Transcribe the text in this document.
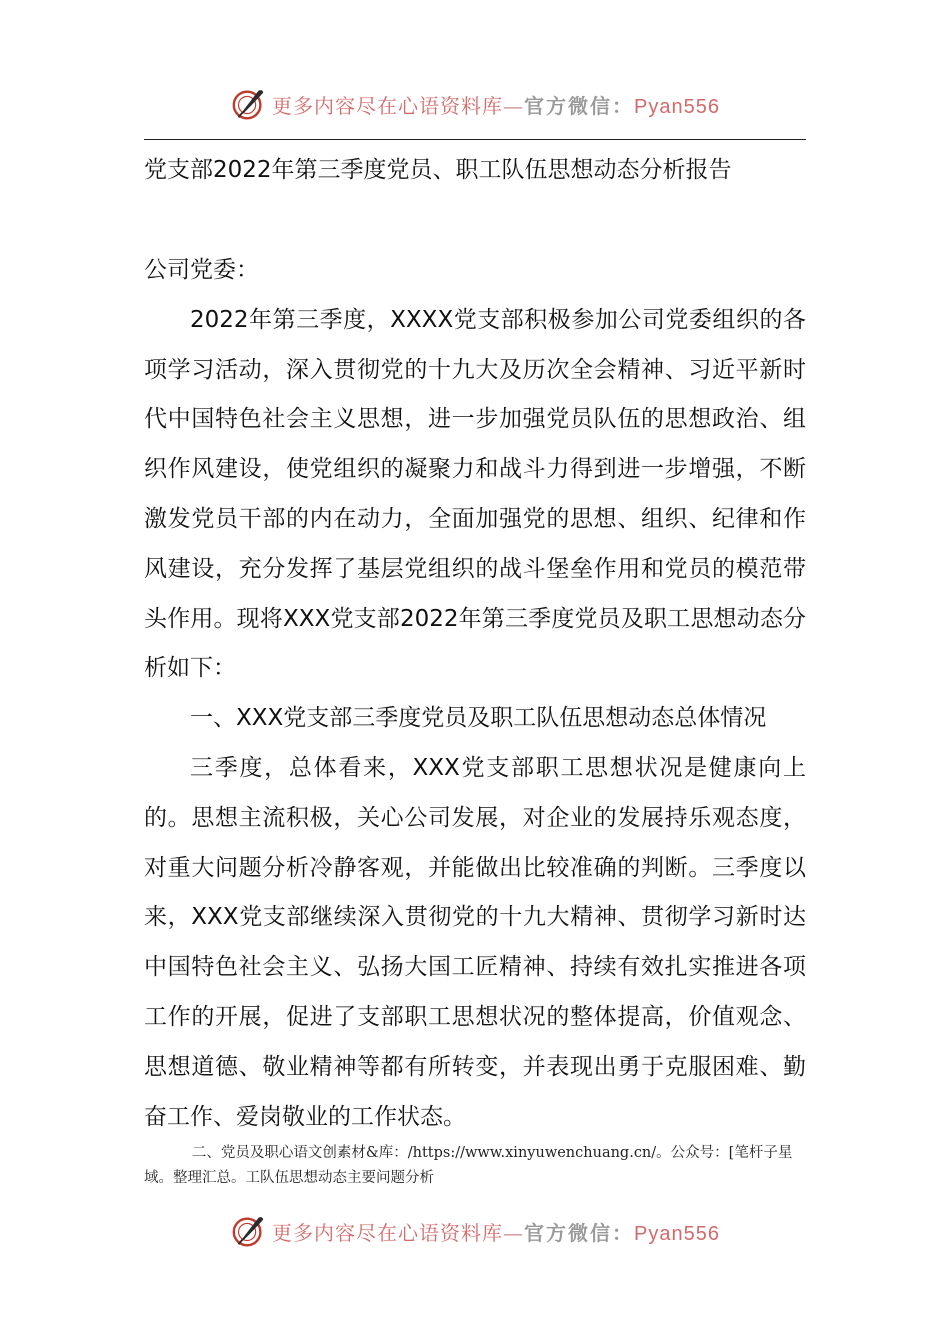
更多内容尽在心语资料库—官方微信：Pyan556
党支部2022年第三季度党员、职工队伍思想动态分析报告

公司党委：

2022年第三季度，XXXX党支部积极参加公司党委组织的各项学习活动，深入贯彻党的十九大及历次全会精神、习近平新时代中国特色社会主义思想，进一步加强党员队伍的思想政治、组织作风建设，使党组织的凝聚力和战斗力得到进一步增强，不断激发党员干部的内在动力，全面加强党的思想、组织、纪律和作风建设，充分发挥了基层党组织的战斗堡垒作用和党员的模范带头作用。现将XXX党支部2022年第三季度党员及职工思想动态分析如下：

一、XXX党支部三季度党员及职工队伍思想动态总体情况

三季度，总体看来，XXX党支部职工思想状况是健康向上的。思想主流积极，关心公司发展，对企业的发展持乐观态度，对重大问题分析冷静客观，并能做出比较准确的判断。三季度以来，XXX党支部继续深入贯彻党的十九大精神、贯彻学习新时达中国特色社会主义、弘扬大国工匠精神、持续有效扎实推进各项工作的开展，促进了支部职工思想状况的整体提高，价值观念、思想道德、敬业精神等都有所转变，并表现出勇于克服困难、勤奋工作、爱岗敬业的工作状态。

二、党员及职心语文创素材&库：/https://www.xinyuwenchuang.cn/。公众号：[笔杆子星域。整理汇总。工队伍思想动态主要问题分析

更多内容尽在心语资料库—官方微信：Pyan556
